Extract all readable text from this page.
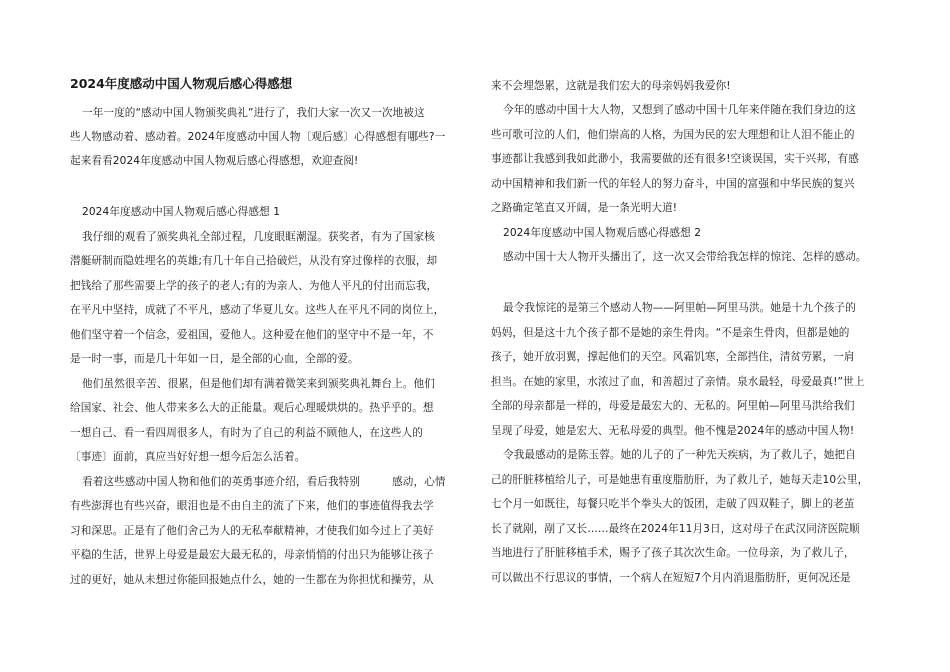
2024年度感动中国人物观后感心得感想
一年一度的“感动中国人物颁奖典礼”进行了，我们大家一次又一次地被这
些人物感动着、感动着。2024年度感动中国人物〔观后感〕心得感想有哪些?一
起来看看2024年度感动中国人物观后感心得感想，欢迎查阅!
2024年度感动中国人物观后感心得感想 1
我仔细的观看了颁奖典礼全部过程，几度眼眶潮湿。获奖者，有为了国家核
潜艇研制而隐姓埋名的英雄;有几十年自己拾破烂，从没有穿过像样的衣服，却
把钱给了那些需要上学的孩子的老人;有的为亲人、为他人平凡的付出而忘我，
在平凡中坚持，成就了不平凡，感动了华夏儿女。这些人在平凡不同的岗位上，
他们坚守着一个信念，爱祖国，爱他人。这种爱在他们的坚守中不是一年，不
是一时一事，而是几十年如一日，是全部的心血，全部的爱。
他们虽然很辛苦、很累，但是他们却有满着微笑来到颁奖典礼舞台上。他们
给国家、社会、他人带来多么大的正能量。观后心理暖烘烘的。热乎乎的。想
一想自己、看一看四周很多人，有时为了自己的利益不顾他人，在这些人的
〔事迹〕面前，真应当好好想一想今后怎么活着。
看着这些感动中国人物和他们的英勇事迹介绍，看后我特别　　　感动，心情
有些澎湃也有些兴奋，眼泪也是不由自主的流了下来，他们的事迹值得我去学
习和深思。正是有了他们舍己为人的无私奉献精神，才使我们如今过上了美好
平稳的生活，世界上母爱是最宏大最无私的，母亲悄悄的付出只为能够让孩子
过的更好，她从未想过你能回报她点什么，她的一生都在为你担忧和操劳，从
来不会埋怨累，这就是我们宏大的母亲妈妈我爱你!
今年的感动中国十大人物，又想到了感动中国十几年来伴随在我们身边的这
些可歌可泣的人们，他们崇高的人格，为国为民的宏大理想和让人泪不能止的
事迹都让我感到我如此渺小，我需要做的还有很多!空谈误国，实干兴邦，有感
动中国精神和我们新一代的年轻人的努力奋斗，中国的富强和中华民族的复兴
之路确定笔直又开阔，是一条光明大道!
2024年度感动中国人物观后感心得感想 2
感动中国十大人物开头播出了，这一次又会带给我怎样的惊诧、怎样的感动。
最令我惊诧的是第三个感动人物——阿里帕—阿里马洪。她是十九个孩子的
妈妈，但是这十九个孩子都不是她的亲生骨肉。“不是亲生骨肉，但都是她的
孩子，她开放羽翼，撑起他们的天空。风霜饥寒，全部挡住，清贫劳累，一肩
担当。在她的家里，水浓过了血，和善超过了亲情。泉水最轻，母爱最真!”世上
全部的母亲都是一样的，母爱是最宏大的、无私的。阿里帕—阿里马洪给我们
呈现了母爱，她是宏大、无私母爱的典型。他不愧是2024年的感动中国人物!
令我最感动的是陈玉蓉。她的儿子的了一种先天疾病，为了救儿子，她把自
己的肝脏移植给儿子，可是她患有重度脂肪肝，为了救儿子，她每天走10公里，
七个月一如既往，每餐只吃半个拳头大的饭团，走破了四双鞋子，脚上的老茧
长了就剐，剐了又长……最终在2024年11月3日，这对母子在武汉同济医院顺
当地进行了肝脏移植手术，赐予了孩子其次次生命。一位母亲，为了救儿子，
可以做出不行思议的事情，一个病人在短短7个月内消退脂肪肝，更何况还是
